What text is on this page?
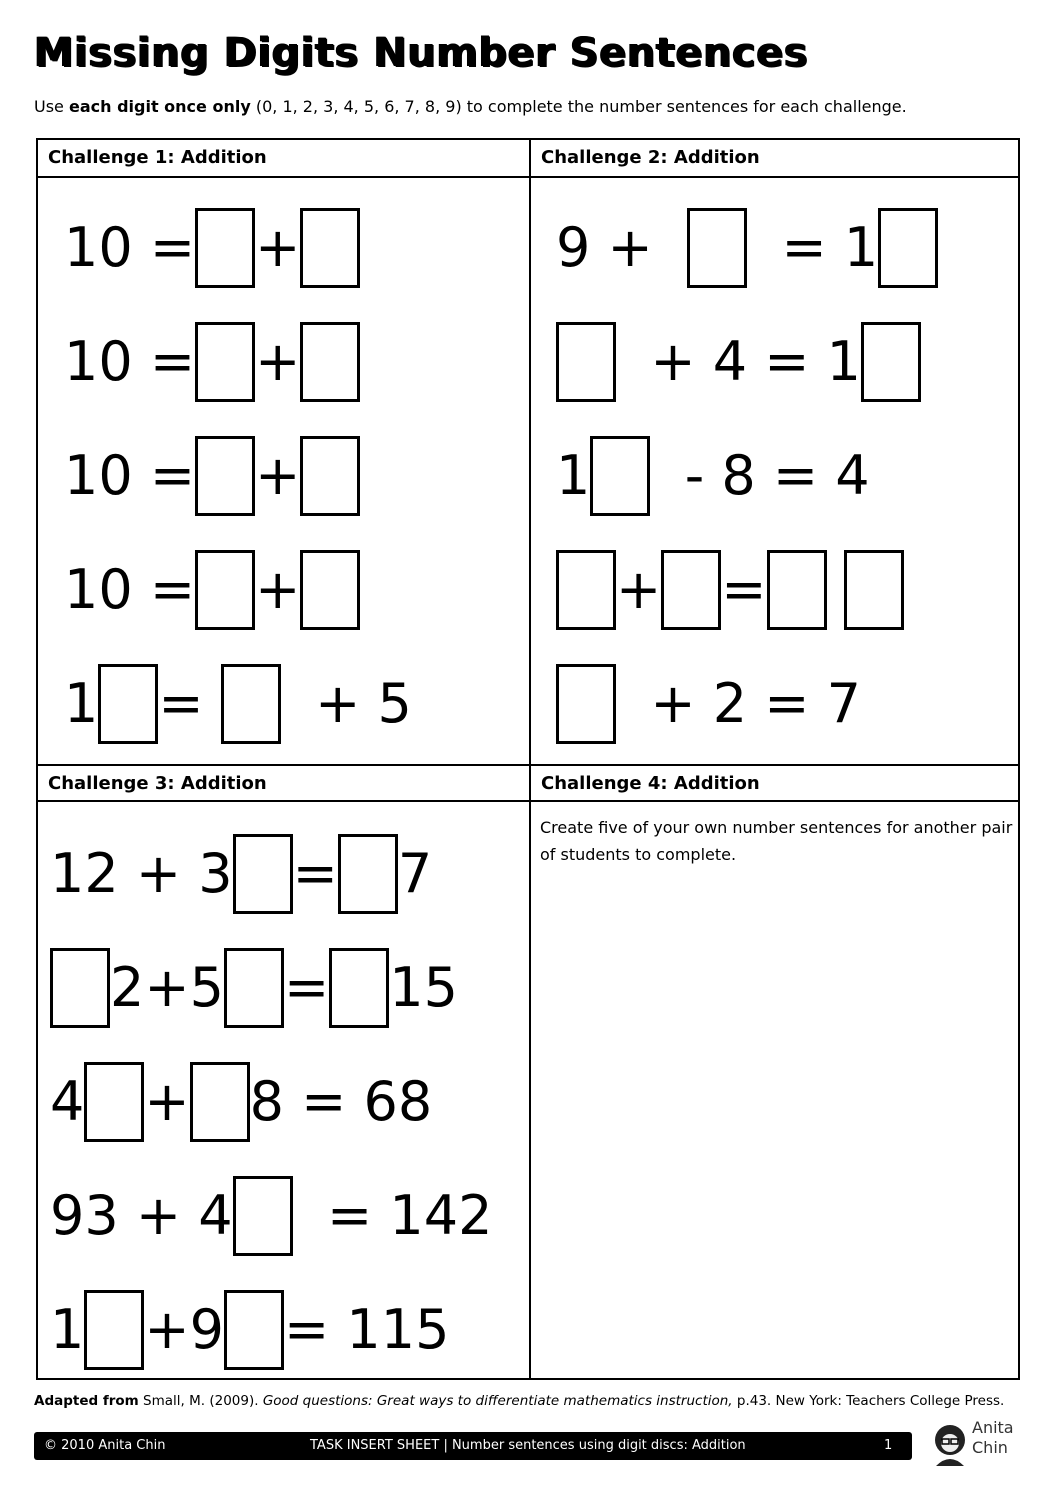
Missing Digits Number Sentences
Use each digit once only (0, 1, 2, 3, 4, 5, 6, 7, 8, 9) to complete the number sentences for each challenge.
Challenge 1: Addition	Challenge 2: Addition
Challenge 3: Addition	Challenge 4: Addition
10 = +
10 = +
10 = +
10 = +
1 = + 5
9 + = 1
+ 4 = 1
1 - 8 = 4
+ =

+ 2 = 7
12 + 3 = 7
2+5 = 15
4 + 8 = 68
93 + 4 = 142
1 +9 = 115
Create five of your own number sentences for another pair of students to complete.
Adapted from Small, M. (2009). Good questions: Great ways to differentiate mathematics instruction, p.43. New York: Teachers College Press.
© 2010 Anita Chin	TASK INSERT SHEET | Number sentences using digit discs: Addition	1
Anita
Chin
